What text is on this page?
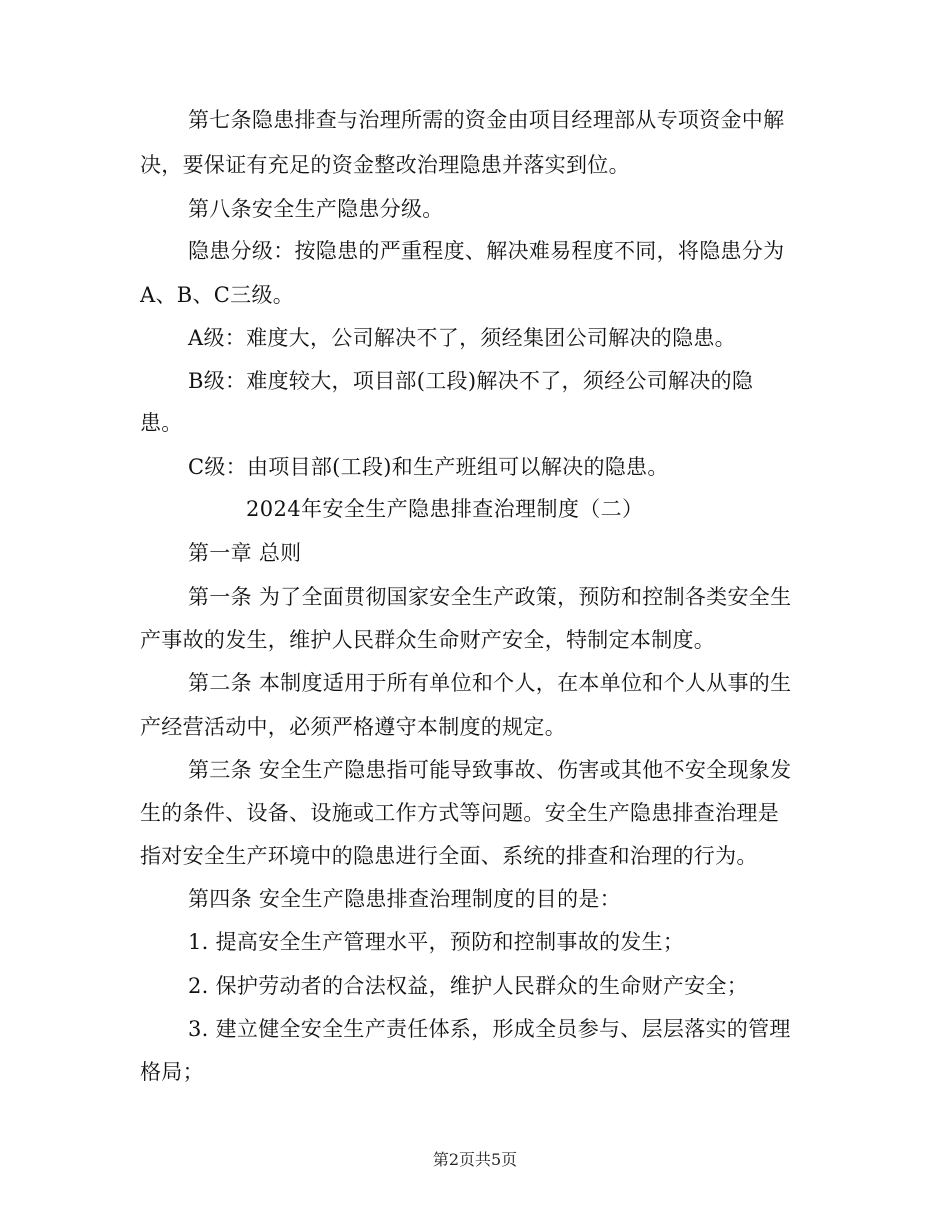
第七条隐患排查与治理所需的资金由项目经理部从专项资金中解
决，要保证有充足的资金整改治理隐患并落实到位。
第八条安全生产隐患分级。
隐患分级：按隐患的严重程度、解决难易程度不同，将隐患分为
A、B、C三级。
A级：难度大，公司解决不了，须经集团公司解决的隐患。
B级：难度较大，项目部(工段)解决不了，须经公司解决的隐
患。
C级：由项目部(工段)和生产班组可以解决的隐患。
2024年安全生产隐患排查治理制度（二）
第一章 总则
第一条 为了全面贯彻国家安全生产政策，预防和控制各类安全生
产事故的发生，维护人民群众生命财产安全，特制定本制度。
第二条 本制度适用于所有单位和个人，在本单位和个人从事的生
产经营活动中，必须严格遵守本制度的规定。
第三条 安全生产隐患指可能导致事故、伤害或其他不安全现象发
生的条件、设备、设施或工作方式等问题。安全生产隐患排查治理是
指对安全生产环境中的隐患进行全面、系统的排查和治理的行为。
第四条 安全生产隐患排查治理制度的目的是：
1. 提高安全生产管理水平，预防和控制事故的发生；
2. 保护劳动者的合法权益，维护人民群众的生命财产安全；
3. 建立健全安全生产责任体系，形成全员参与、层层落实的管理
格局；
第2页共5页
